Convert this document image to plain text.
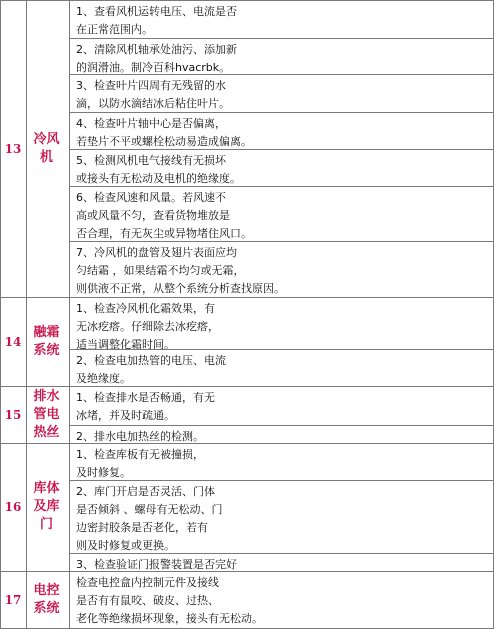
13
冷风
机
1、查看风机运转电压、电流是否
在正常范围内。
2、清除风机轴承处油污、添加新
的润滑油。制冷百科hvacrbk。
3、检查叶片四周有无残留的水
滴，以防水滴结冰后粘住叶片。
4、检查叶片轴中心是否偏离，
若垫片不平或螺栓松动易造成偏离。
5、检测风机电气接线有无损坏
或接头有无松动及电机的绝缘度。
6、检查风速和风量。若风速不
高或风量不匀，查看货物堆放是
否合理，有无灰尘或异物堵住风口。
7、冷风机的盘管及翅片表面应均
匀结霜 ，如果结霜不均匀或无霜，
则供液不正常，从整个系统分析查找原因。
14
融霜
系统
1、检查冷风机化霜效果，有
无冰疙瘩。仔细除去冰疙瘩，
适当调整化霜时间。
2、检查电加热管的电压、电流
及绝缘度。
15
排水
管电
热丝
1、检查排水是否畅通，有无
冰堵，并及时疏通。
2、排水电加热丝的检测。
16
库体
及库
门
1、检查库板有无被撞损，
及时修复。
2、库门开启是否灵活、门体
是否倾斜 、螺母有无松动、门
边密封胶条是否老化，若有
则及时修复或更换。
3、检查验证门报警装置是否完好
17
电控
系统
检查电控盒内控制元件及接线
是否有有鼠咬、破皮、过热、
老化等绝缘损坏现象，接头有无松动。
